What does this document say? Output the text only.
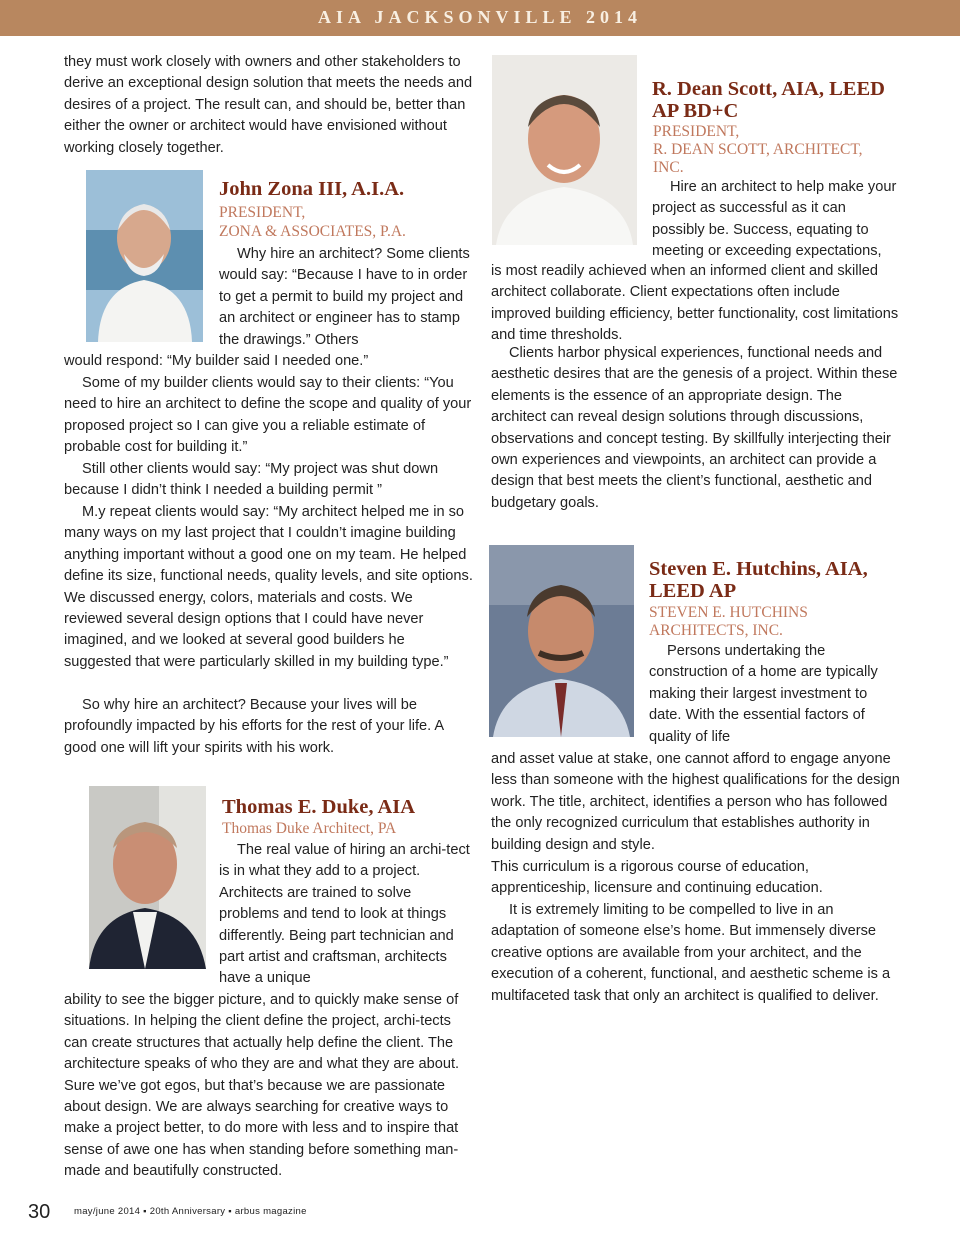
AIA JACKSONVILLE 2014

they must work closely with owners and other stakeholders to derive an exceptional design solution that meets the needs and desires of a project. The result can, and should be, better than either the owner or architect would have envisioned without working closely together.

John Zona III, A.I.A.
PRESIDENT,
ZONA & ASSOCIATES, P.A.

Why hire an architect? Some clients would say: “Because I have to in order to get a permit to build my project and an architect or engineer has to stamp the drawings.” Others

would respond: “My builder said I needed one.”

Some of my builder clients would say to their clients: “You need to hire an architect to define the scope and quality of your proposed project so I can give you a reliable estimate of probable cost for building it.”

Still other clients would say: “My project was shut down because I didn’t think I needed a building permit ”

M.y repeat clients would say: “My architect helped me in so many ways on my last project that I couldn’t imagine building anything important without a good one on my team. He helped define its size, functional needs, quality levels, and site options. We discussed energy, colors, materials and costs. We reviewed several design options that I could have never imagined, and we looked at several good builders he suggested that were particularly skilled in my building type.”

So why hire an architect? Because your lives will be profoundly impacted by his efforts for the rest of your life. A good one will lift your spirits with his work.

Thomas E. Duke, AIA
Thomas Duke Architect, PA

The real value of hiring an archi-tect is in what they add to a project. Architects are trained to solve problems and tend to look at things differently. Being part technician and part artist and craftsman, architects have a unique

ability to see the bigger picture, and to quickly make sense of situations. In helping the client define the project, archi-tects can create structures that actually help define the client. The architecture speaks of who they are and what they are about. Sure we’ve got egos, but that’s because we are passionate about design. We are always searching for creative ways to make a project better, to do more with less and to inspire that sense of awe one has when standing before something man-made and beautifully constructed.

R. Dean Scott, AIA, LEED AP BD+C
PRESIDENT,
R. DEAN SCOTT, ARCHITECT, INC.

Hire an architect to help make your project as successful as it can possibly be. Success, equating to meeting or exceeding expectations,

is most readily achieved when an informed client and skilled architect collaborate. Client expectations often include improved building efficiency, better functionality, cost limitations and time thresholds.

Clients harbor physical experiences, functional needs and aesthetic desires that are the genesis of a project. Within these elements is the essence of an appropriate design. The architect can reveal design solutions through discussions, observations and concept testing. By skillfully interjecting their own experiences and viewpoints, an architect can provide a design that best meets the client’s functional, aesthetic and budgetary goals.

Steven E. Hutchins, AIA, LEED AP
STEVEN E. HUTCHINS ARCHITECTS, INC.

Persons undertaking the construction of a home are typically making their largest investment to date. With the essential factors of quality of life

and asset value at stake, one cannot afford to engage anyone less than someone with the highest qualifications for the design work. The title, architect, identifies a person who has followed the only recognized curriculum that establishes authority in building design and style.

This curriculum is a rigorous course of education, apprenticeship, licensure and continuing education.

It is extremely limiting to be compelled to live in an adaptation of someone else’s home. But immensely diverse creative options are available from your architect, and the execution of a coherent, functional, and aesthetic scheme is a multifaceted task that only an architect is qualified to deliver.

30	may/june 2014 ▪ 20th Anniversary ▪ arbus magazine
